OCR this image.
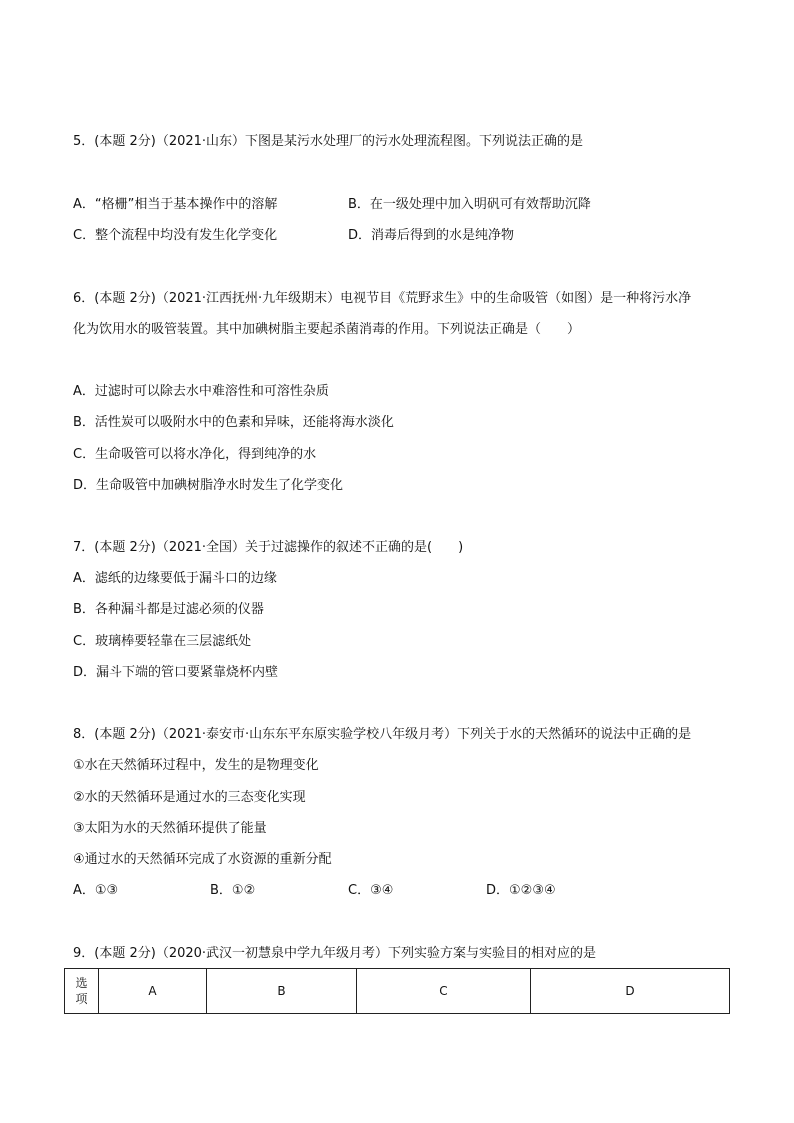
5．(本题 2分)（2021·山东）下图是某污水处理厂的污水处理流程图。下列说法正确的是
A．“格栅”相当于基本操作中的溶解	B．在一级处理中加入明矾可有效帮助沉降
C．整个流程中均没有发生化学变化	D．消毒后得到的水是纯净物
6．(本题 2分)（2021·江西抚州·九年级期末）电视节目《荒野求生》中的生命吸管（如图）是一种将污水净
化为饮用水的吸管装置。其中加碘树脂主要起杀菌消毒的作用。下列说法正确是（　　）
A．过滤时可以除去水中难溶性和可溶性杂质
B．活性炭可以吸附水中的色素和异味，还能将海水淡化
C．生命吸管可以将水净化，得到纯净的水
D．生命吸管中加碘树脂净水时发生了化学变化
7．(本题 2分)（2021·全国）关于过滤操作的叙述不正确的是(　　)
A．滤纸的边缘要低于漏斗口的边缘
B．各种漏斗都是过滤必须的仪器
C．玻璃棒要轻靠在三层滤纸处
D．漏斗下端的管口要紧靠烧杯内壁
8．(本题 2分)（2021·泰安市·山东东平东原实验学校八年级月考）下列关于水的天然循环的说法中正确的是
①水在天然循环过程中，发生的是物理变化
②水的天然循环是通过水的三态变化实现
③太阳为水的天然循环提供了能量
④通过水的天然循环完成了水资源的重新分配
A．①③	B．①②	C．③④	D．①②③④
9．(本题 2分)（2020·武汉一初慧泉中学九年级月考）下列实验方案与实验目的相对应的是
选
项
	A	B	C	D
